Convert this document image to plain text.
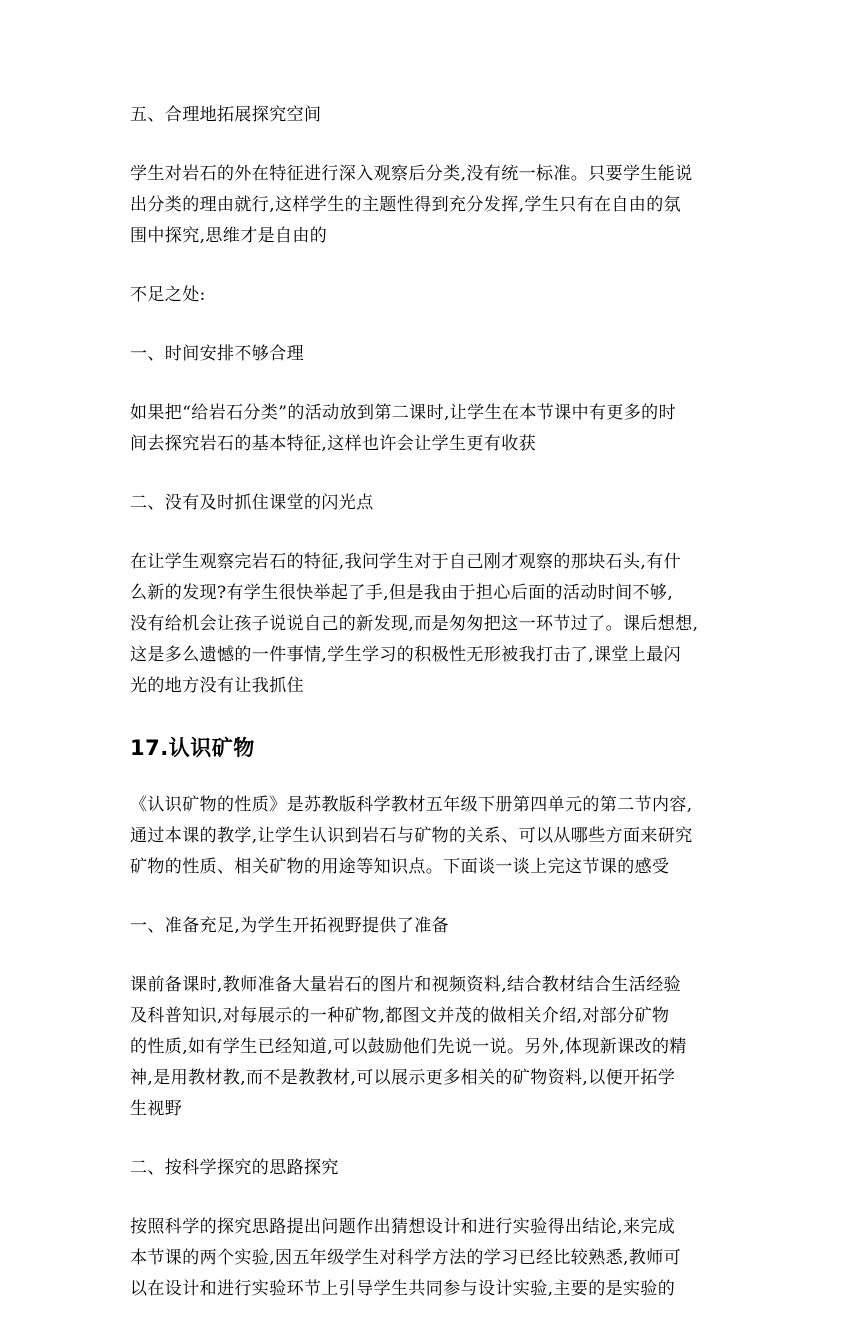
五、合理地拓展探究空间

学生对岩石的外在特征进行深入观察后分类,没有统一标准。只要学生能说

出分类的理由就行,这样学生的主题性得到充分发挥,学生只有在自由的氛

围中探究,思维才是自由的

不足之处:

一、时间安排不够合理

如果把“给岩石分类”的活动放到第二课时,让学生在本节课中有更多的时

间去探究岩石的基本特征,这样也许会让学生更有收获

二、没有及时抓住课堂的闪光点

在让学生观察完岩石的特征,我问学生对于自己刚才观察的那块石头,有什

么新的发现?有学生很快举起了手,但是我由于担心后面的活动时间不够,

没有给机会让孩子说说自己的新发现,而是匆匆把这一环节过了。课后想想,

这是多么遗憾的一件事情,学生学习的积极性无形被我打击了,课堂上最闪

光的地方没有让我抓住

17.认识矿物

《认识矿物的性质》是苏教版科学教材五年级下册第四单元的第二节内容,

通过本课的教学,让学生认识到岩石与矿物的关系、可以从哪些方面来研究

矿物的性质、相关矿物的用途等知识点。下面谈一谈上完这节课的感受

一、准备充足,为学生开拓视野提供了准备

课前备课时,教师准备大量岩石的图片和视频资料,结合教材结合生活经验

及科普知识,对每展示的一种矿物,都图文并茂的做相关介绍,对部分矿物

的性质,如有学生已经知道,可以鼓励他们先说一说。另外,体现新课改的精

神,是用教材教,而不是教教材,可以展示更多相关的矿物资料,以便开拓学

生视野

二、按科学探究的思路探究

按照科学的探究思路提出问题作出猜想设计和进行实验得出结论,来完成

本节课的两个实验,因五年级学生对科学方法的学习已经比较熟悉,教师可

以在设计和进行实验环节上引导学生共同参与设计实验,主要的是实验的
